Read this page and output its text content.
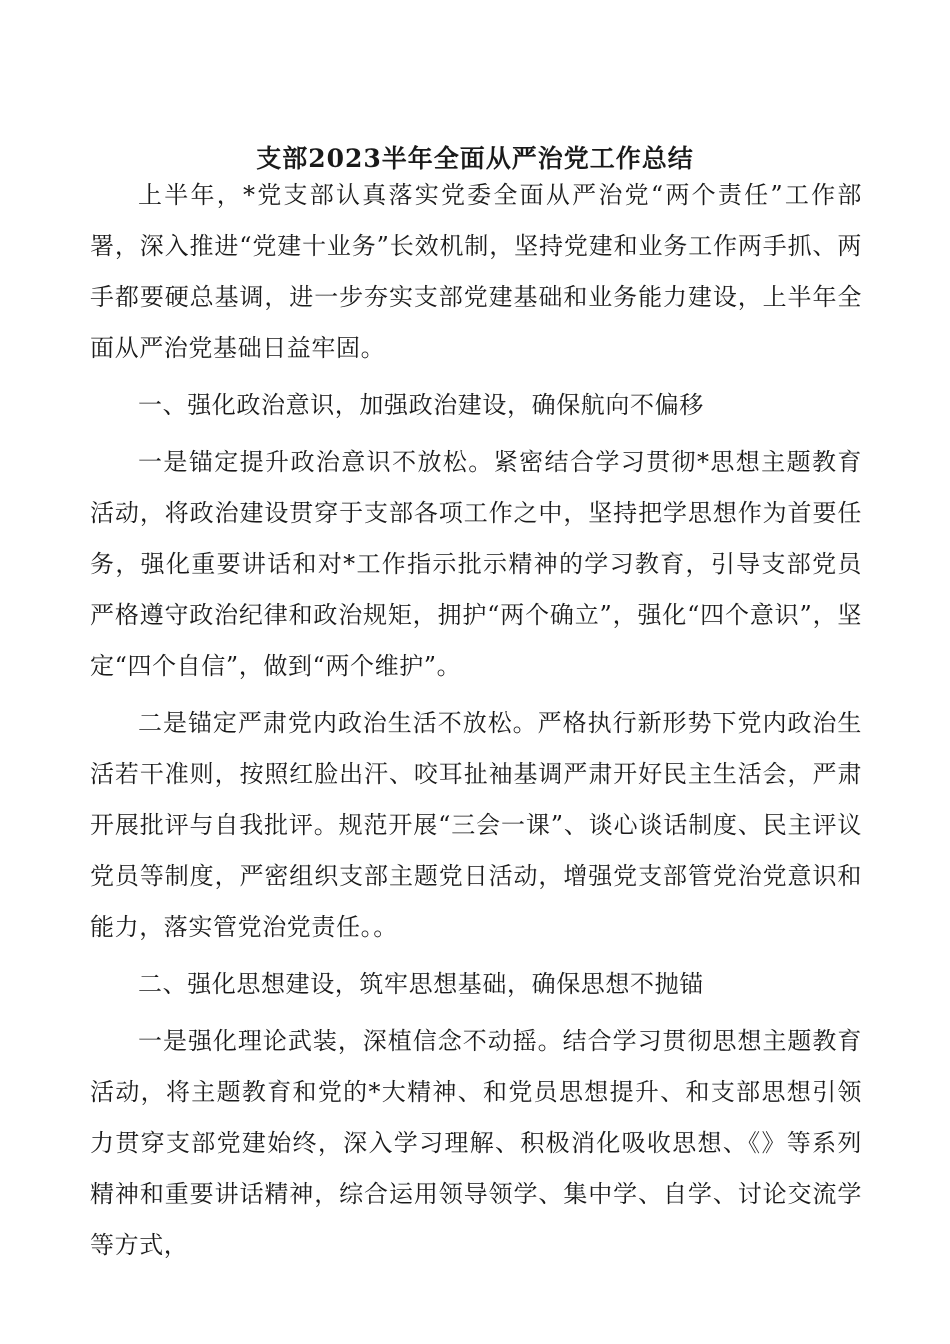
支部2023半年全面从严治党工作总结

上半年，*党支部认真落实党委全面从严治党“两个责任”工作部署，深入推进“党建十业务”长效机制，坚持党建和业务工作两手抓、两手都要硬总基调，进一步夯实支部党建基础和业务能力建设，上半年全面从严治党基础日益牢固。

一、强化政治意识，加强政治建设，确保航向不偏移

一是锚定提升政治意识不放松。紧密结合学习贯彻*思想主题教育活动，将政治建设贯穿于支部各项工作之中，坚持把学思想作为首要任务，强化重要讲话和对*工作指示批示精神的学习教育，引导支部党员严格遵守政治纪律和政治规矩，拥护“两个确立”，强化“四个意识”，坚定“四个自信”，做到“两个维护”。

二是锚定严肃党内政治生活不放松。严格执行新形势下党内政治生活若干准则，按照红脸出汗、咬耳扯袖基调严肃开好民主生活会，严肃开展批评与自我批评。规范开展“三会一课”、谈心谈话制度、民主评议党员等制度，严密组织支部主题党日活动，增强党支部管党治党意识和能力，落实管党治党责任。。

二、强化思想建设，筑牢思想基础，确保思想不抛锚

一是强化理论武装，深植信念不动摇。结合学习贯彻思想主题教育活动，将主题教育和党的*大精神、和党员思想提升、和支部思想引领力贯穿支部党建始终，深入学习理解、积极消化吸收思想、《》等系列精神和重要讲话精神，综合运用领导领学、集中学、自学、讨论交流学等方式，
